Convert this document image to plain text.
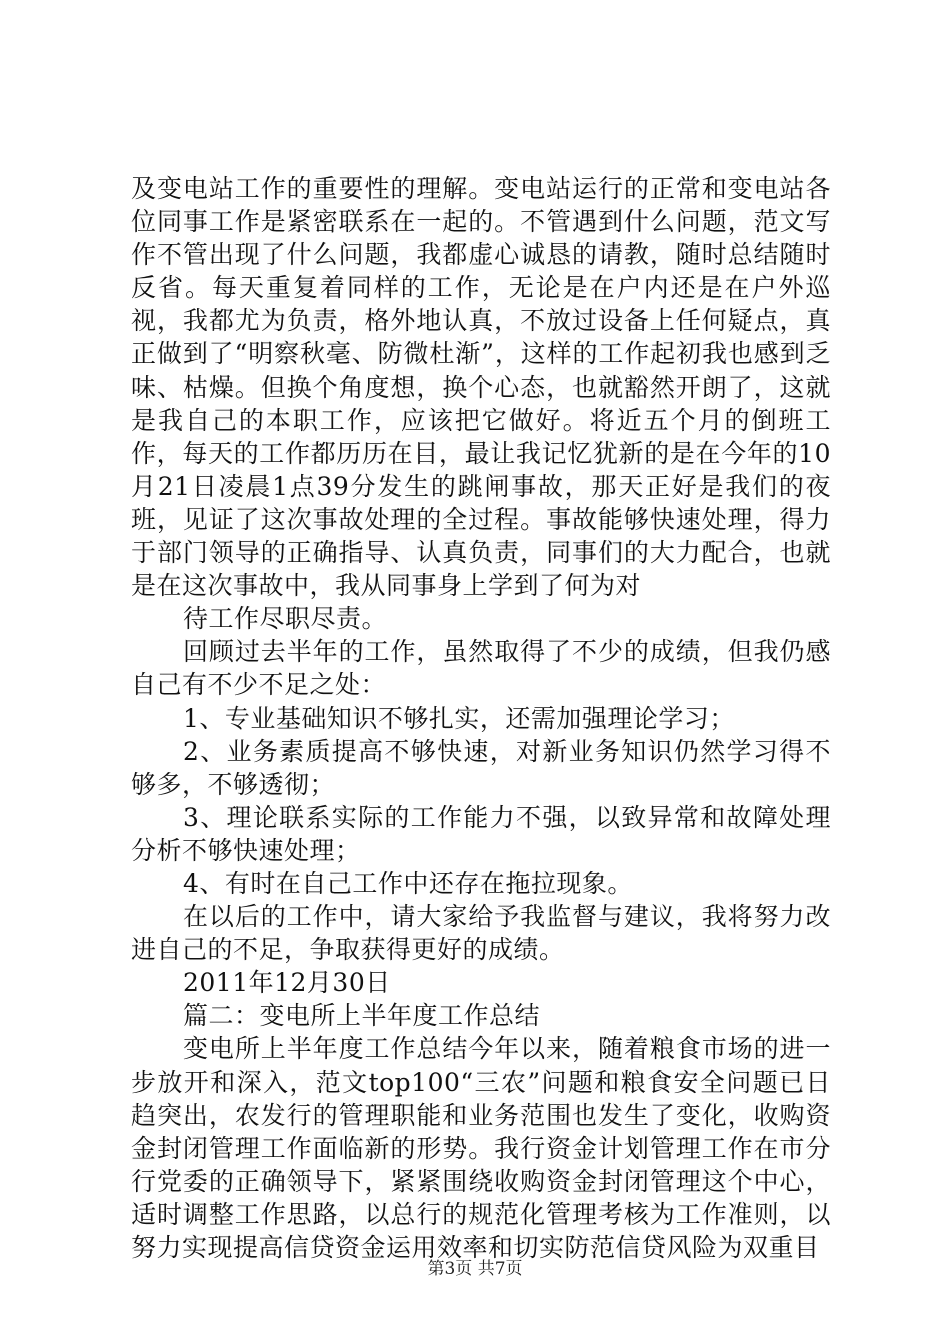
及变电站工作的重要性的理解。变电站运行的正常和变电站各位同事工作是紧密联系在一起的。不管遇到什么问题，范文写作不管出现了什么问题，我都虚心诚恳的请教，随时总结随时反省。每天重复着同样的工作，无论是在户内还是在户外巡视，我都尤为负责，格外地认真，不放过设备上任何疑点，真正做到了“明察秋毫、防微杜渐”，这样的工作起初我也感到乏味、枯燥。但换个角度想，换个心态，也就豁然开朗了，这就是我自己的本职工作，应该把它做好。将近五个月的倒班工作，每天的工作都历历在目，最让我记忆犹新的是在今年的10月21日凌晨1点39分发生的跳闸事故，那天正好是我们的夜班，见证了这次事故处理的全过程。事故能够快速处理，得力于部门领导的正确指导、认真负责，同事们的大力配合，也就是在这次事故中，我从同事身上学到了何为对

待工作尽职尽责。

回顾过去半年的工作，虽然取得了不少的成绩，但我仍感自己有不少不足之处：

1、专业基础知识不够扎实，还需加强理论学习；

2、业务素质提高不够快速，对新业务知识仍然学习得不够多，不够透彻；

3、理论联系实际的工作能力不强，以致异常和故障处理分析不够快速处理；

4、有时在自己工作中还存在拖拉现象。

在以后的工作中，请大家给予我监督与建议，我将努力改进自己的不足，争取获得更好的成绩。

2011年12月30日

篇二：变电所上半年度工作总结

变电所上半年度工作总结今年以来，随着粮食市场的进一步放开和深入，范文top100“三农”问题和粮食安全问题已日趋突出，农发行的管理职能和业务范围也发生了变化，收购资金封闭管理工作面临新的形势。我行资金计划管理工作在市分行党委的正确领导下，紧紧围绕收购资金封闭管理这个中心，适时调整工作思路，以总行的规范化管理考核为工作准则，以努力实现提高信贷资金运用效率和切实防范信贷风险为双重目

第3页 共7页
